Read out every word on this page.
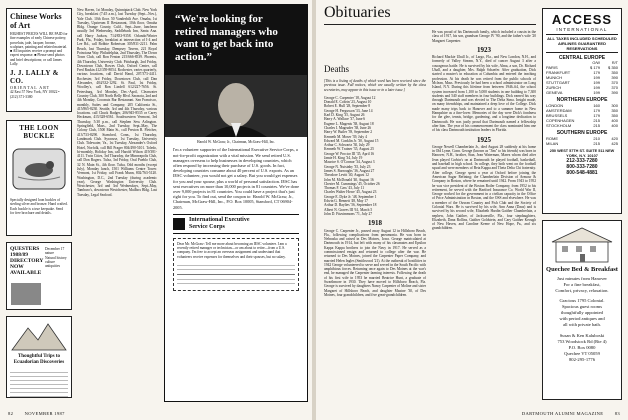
Chinese Works of Art

HIGHEST PRICES WILL BE PAID for fine examples of early Chinese pottery, porcelain, jade, lacquer, bronze, sculpture, painting and related material. ■ All inquiries receive a prompt and expert response. ■ Please send photos and brief descriptions; or call James Lally.

J. J. LALLY & CO.
ORIENTAL ART
42 East 57 New York, NY 10022 • (212) 371-3380
THE LOON BUCKLE

Specially designed loon buckles of sterling silver and bronze. Hand crafted. Each buckle is a true keepsake. Send for free brochure and details.

QUESTERS 1988/89 DIRECTORY NOW AVAILABLE
December 17
nature
Natural history
culture
antiquities
Thoughtful Trips to Ecuadorian Discoveries

New Haven, 1st Monday, Quinnipiack Club. New York City, breakfast (7:45 a.m.), last Tuesday (Sept.–Nov.), Yale Club. 10th floor. 50 Vanderbilt Ave. Omaha, 1st Tuesday, Upstream II Restaurant, 10th floor, Omaha Bldg. Orange County, Calif., Sept.–June, luncheon usually 3rd Wednesday, Saddleback Inn, Santa Ana. call Harry Judson, 714/833-9358. Orlando/Winter Park, Fla., Friday, breakfast at intersection of I-4 and Lee Rd., call Bobbie Robertson 305/831-2211. Palm Beach, last Thursday, Dempsey Tavern, 221 Royal Poinciana Way. Philadelphia, 2nd Thursday, The Down Town Club, call Ron Fenton 215/666-8539. Phoenix, 4th Thursday, University Club. Pittsburgh, 2nd Friday, Downtown Club, Rowes Club, Oxford Center, call Fred Raskin 412/359-8054. Rochester, varies quarterly, various locations, call David Hand, 207/373-4411. Rochester, 3rd Friday, Downtown Club, call Dan Alexander, 404/332-1292. St. Paul, 1st Friday, Woolley's, call Ron Lindell 612/227-7656. St. Petersburg, 3rd Monday, Dec.-April, Clearwater Country Club, 300 North Belly Blvd. Sarasota, 2nd and 4th Monday, Coconuts Bar Restaurant. San Francisco, monthly, Suites and Company, 205 California St., 415/865-8230. Seattle, 3rd and 4th Thursday, various locations. call Chuck Badger, 206/945-8535 or Carey Heckman, 415/328-6561. Southwestern Vermont, 3rd Thursday, 5:30 p.m., call Stephen Sess Arlington. Springfield, Mass., 2nd Tuesday, Sept–May, The Colony Club, 1500 Main St., call Preston B. Fletcher, 413/733-8290. Stamford, Conn., 1st Thursday, Landmark Club. Syracuse, 1st Tuesday, University Club. Tidewater, Va., 1st Tuesday, Alexander's Oxford Hotel, Norfolk, call Bill Prager 804/490-5101. Toledo, bi-monthly, Holiday Inn, call Harold Wilson 419/381-4111. Twin Cities, 3rd Thursday, the Minneapolis Club, call Don Rogers. Tulsa, 3rd Friday, Oral Pueblo Club, 32 N. Main St., 4th floor. Tulsa, Odd months (except July), Monday lunch, 1501 Williams Centre Tower. Vermont, 1st Friday, call Frank Munn, 802/763-5120. Washington, D.C., 2nd Tuesday (during academic year), George Washington University Club. Westchester, 3rd and 3rd Wednesdays, Sept–May, Tamburo's, downtown Westchester, Mailbox Bldg. Last Tuesday, Legal Seafood.

“We're looking for retired managers who want to get back into action.”
Harold W. McGraw, Jr., Chairman, McGraw-Hill, Inc.

I'm a volunteer supporter of the International Executive Service Corps, a not-for-profit organization with a vital mission. We send retired U.S. managers overseas to help businesses in developing countries, which often respond by increasing their purchase of U.S. goods. In fact, developing countries consume about 40 percent of U.S. exports. As an IESC volunteer, you would not get a salary. But you would get expenses for you and your spouse, plus a world of personal satisfaction. IESC has sent executives on more than 10,000 projects in 81 countries. We've done over 9,000 projects in 81 countries. You could have a project that's just right for you. To find out, send the coupon to: Harold W. McGraw, Jr., Chairman, McGraw-Hill, Inc., P.O. Box 10005, Stamford, CT 06904-2005.

International Executive Service Corps

Dear Mr. McGraw: Tell me more about becoming an IESC volunteer. I am a recently retired manager or technician—or am about to retire—from a U.S. company. I'm free to accept an overseas assignment and understand that volunteers receive expenses for themselves and their spouses, but no salary.

82 NOVEMBER 1987
Obituaries
Deaths

[This is a listing of deaths of which word has been received since the previous issue. Full notices, which are usually written by the class secretaries, may appear in this issue or in a later issue.]

George C. Carpenter '18, August 12
Donald E. Coltrin '23, August 10
Robert E. Hull '28, September 8
George H. Fergusson '33, June 14
Karl D. King '35, August 26
Harry A. Wallace '37, June 6
Eugene L. Magenis '38, August 18
Charles I. Magruder '38, June 26
Harry W. Butler '39, September 2
Kenneth M. Moser '39, July 4
Edward M. Conklin Jr. '30, August 15
Arthur C. Schwartz '30, July 29
Kenneth W. Trainer '35, August 25
George W. Proctor III '35, April 16
Jamie H. King '34, July 19
Maurice S. O'Connor '34, August 3
George N. Nutsinby '35, July 23
James S. Burroughs '36, August 27
Theodore Levitt '40, August 12
John M. McDonald '40, August 16
Chester M. Cummings '45, October 26
Thomas F. Cass '43, July 11
Charles Walter Howe '45, August 23
George E. Dyke Jr. '48, September 1
Edwin G. Bennett '48, May 17
Arthur D. Baylies '56, September 18
Albert N. Graves III '61, March 5
John D. Fitzsimmons '71, July 27
1918

George C. Carpenter Jr., passed away August 12 in Hillsboro Beach, Fla., following complications from pneumonia. He was born in Nebraska and raised in Des Moines, Iowa. George matriculated at Dartmouth in 1914, but left with many of his classmates and Epsilon Kappa Kappa brothers to join the Navy in 1917. He served as a commissioned ensign and returned to college after the war. He returned to Des Moines, joined the Carpenter Paper Company, and married Helen Ingles (Smithwood '21). At the outbreak of hostilities in 1942 George volunteered to serve and served in the South Pacific with amphibious forces. Returning once again to Des Moines at the war's end, he managed the Carpenter farming interests. Following the death of his first wife in 1953 he married Beatrice Hunt, a graduate of Swarthmore in 1930. They have moved to Hillsboro Beach, Fla. George is survived by daughters Nancy Carpenter of Moline and sister Margaret of Hillsboro Beach, and daughter Maxine '30, of Des Moines, four grandchildren, and five great-grandchildren.

He was proud of his Dartmouth family, which included a cousin in the class of 1917, his son, grandson George IV '90, and the father's wife '20 Margaret Carpenter.

1923

Richard Mackie Uhall Jr., of Largo, Fla., and New London, N.H., and formerly of Valley Stream, N.Y., died of cancer August 3 after a courageous battle. He is survived by his wife, Alma, a son, Dr. Richard Uhall, and a daughter, Mrs. Ralph Schaefer. After graduation, Dick started a master's in education at Columbia and entered the teaching profession. At his death he was retired from the public schools of Mclean, Mass. Previously he had been a school administrator on Long Island, N.Y. During this lifetime from between 1946–64, the school system increased from 1,100 to 5,000 students in one building to 7,300 students and 540 staff members in four buildings. Dick earned his way through Dartmouth and was elected to The Delta Sima. Insight made, on many friendships, and maintained a deep love of the College. Dick made many trips back to Hanover and to a summer home in New Hampshire as a fine-lover. Memories of the day were Dick's fondness for the glee, tennis, bridge, gardening, and a longtime dedication to Dartmouth. He was justly proud that Dartmouth named a fellowship after him. The year of his commencement the class nominated him one of his class Dartmouth institution leaders in Florida.

1925

George Newell Chamberlain Jr., died August 28 suddenly at his home in Old Lyme, Conn. George (known as "Jim" to his friends) was born in Hanover, N.H., brother, Stan, Jean Waterman, Marez whom died after Jean played Corbin's on at Dartmouth he played football, basketball, and baseball in high school. In college, they both went on the football squad and were members of Beta Kappa and Theta Delta Chi fraternity. After college, George spent a year at Oxford before joining the American Sugar Refining; the Chamberlain Division of Armour & Company in Boston, where he remained until 1942. From 1943 to 1952 he was vice president of the Boston Boiler Company, from 1952 to his retirement, he served with the Hartford Insurance Co. World War II, George worked for the government in a civilian capacity in the Office of Price Administration in Boston, and the OSS and elsewhere. He was a member of the Ouvran Country and Fish Club and the Society of Colonial Wars. He is survived by his wife, Ann Anna (Daus) and is survived by his second wife, Elizabeth Hardin Gaither Chamberlain, a nephew, John Gaither, of Jacksonville, Fla., four stepdaughters, Elizabeth, Dana Rollins, Gaither Goldstein, and Cary Gaither Keough of New Haven, and Caroline Keene of New Hope, Pa., and six grandchildren.

ACCESS
INTERNATIONAL
ALL TAXES INCLUDED SCHEDULED AIRLINES GUARANTEED RESERVATIONS
CENTRAL EUROPE
O/W	R/T
PARIS	$ 179	$ 350
FRANKFURT	179	350
MUNICH	199	390
STUTTGART	199	370
ZURICH	199	370
GENEVA	199	390
NORTHERN EUROPE
LONDON	160	300
AMSTERDAM	179	350
BRUSSELS	179	350
COPENHAGEN	215	400
STOCKHOLM	215	400
SOUTHERN EUROPE
ROME	210	420
MILAN	215	425
250 WEST 57TH ST. SUITE 511 NEW YORK, N.Y. 10107
212-333-7280
800-333-7280
800-548-4881
Quechee Bed & Breakfast
Just minutes from Hanover
For a fine breakfast,
Comfort, privacy, relaxation.
Gracious 1795 Colonial.
Spacious guest rooms
thoughtfully appointed
with period antiques and
all with private bath.
Susan & Ken Kaluboski
753 Woodstock Rd (Rte 4)
P.O. Box 0080
Quechee VT 05059
802-295-1776
DARTMOUTH ALUMNI MAGAZINE 83
